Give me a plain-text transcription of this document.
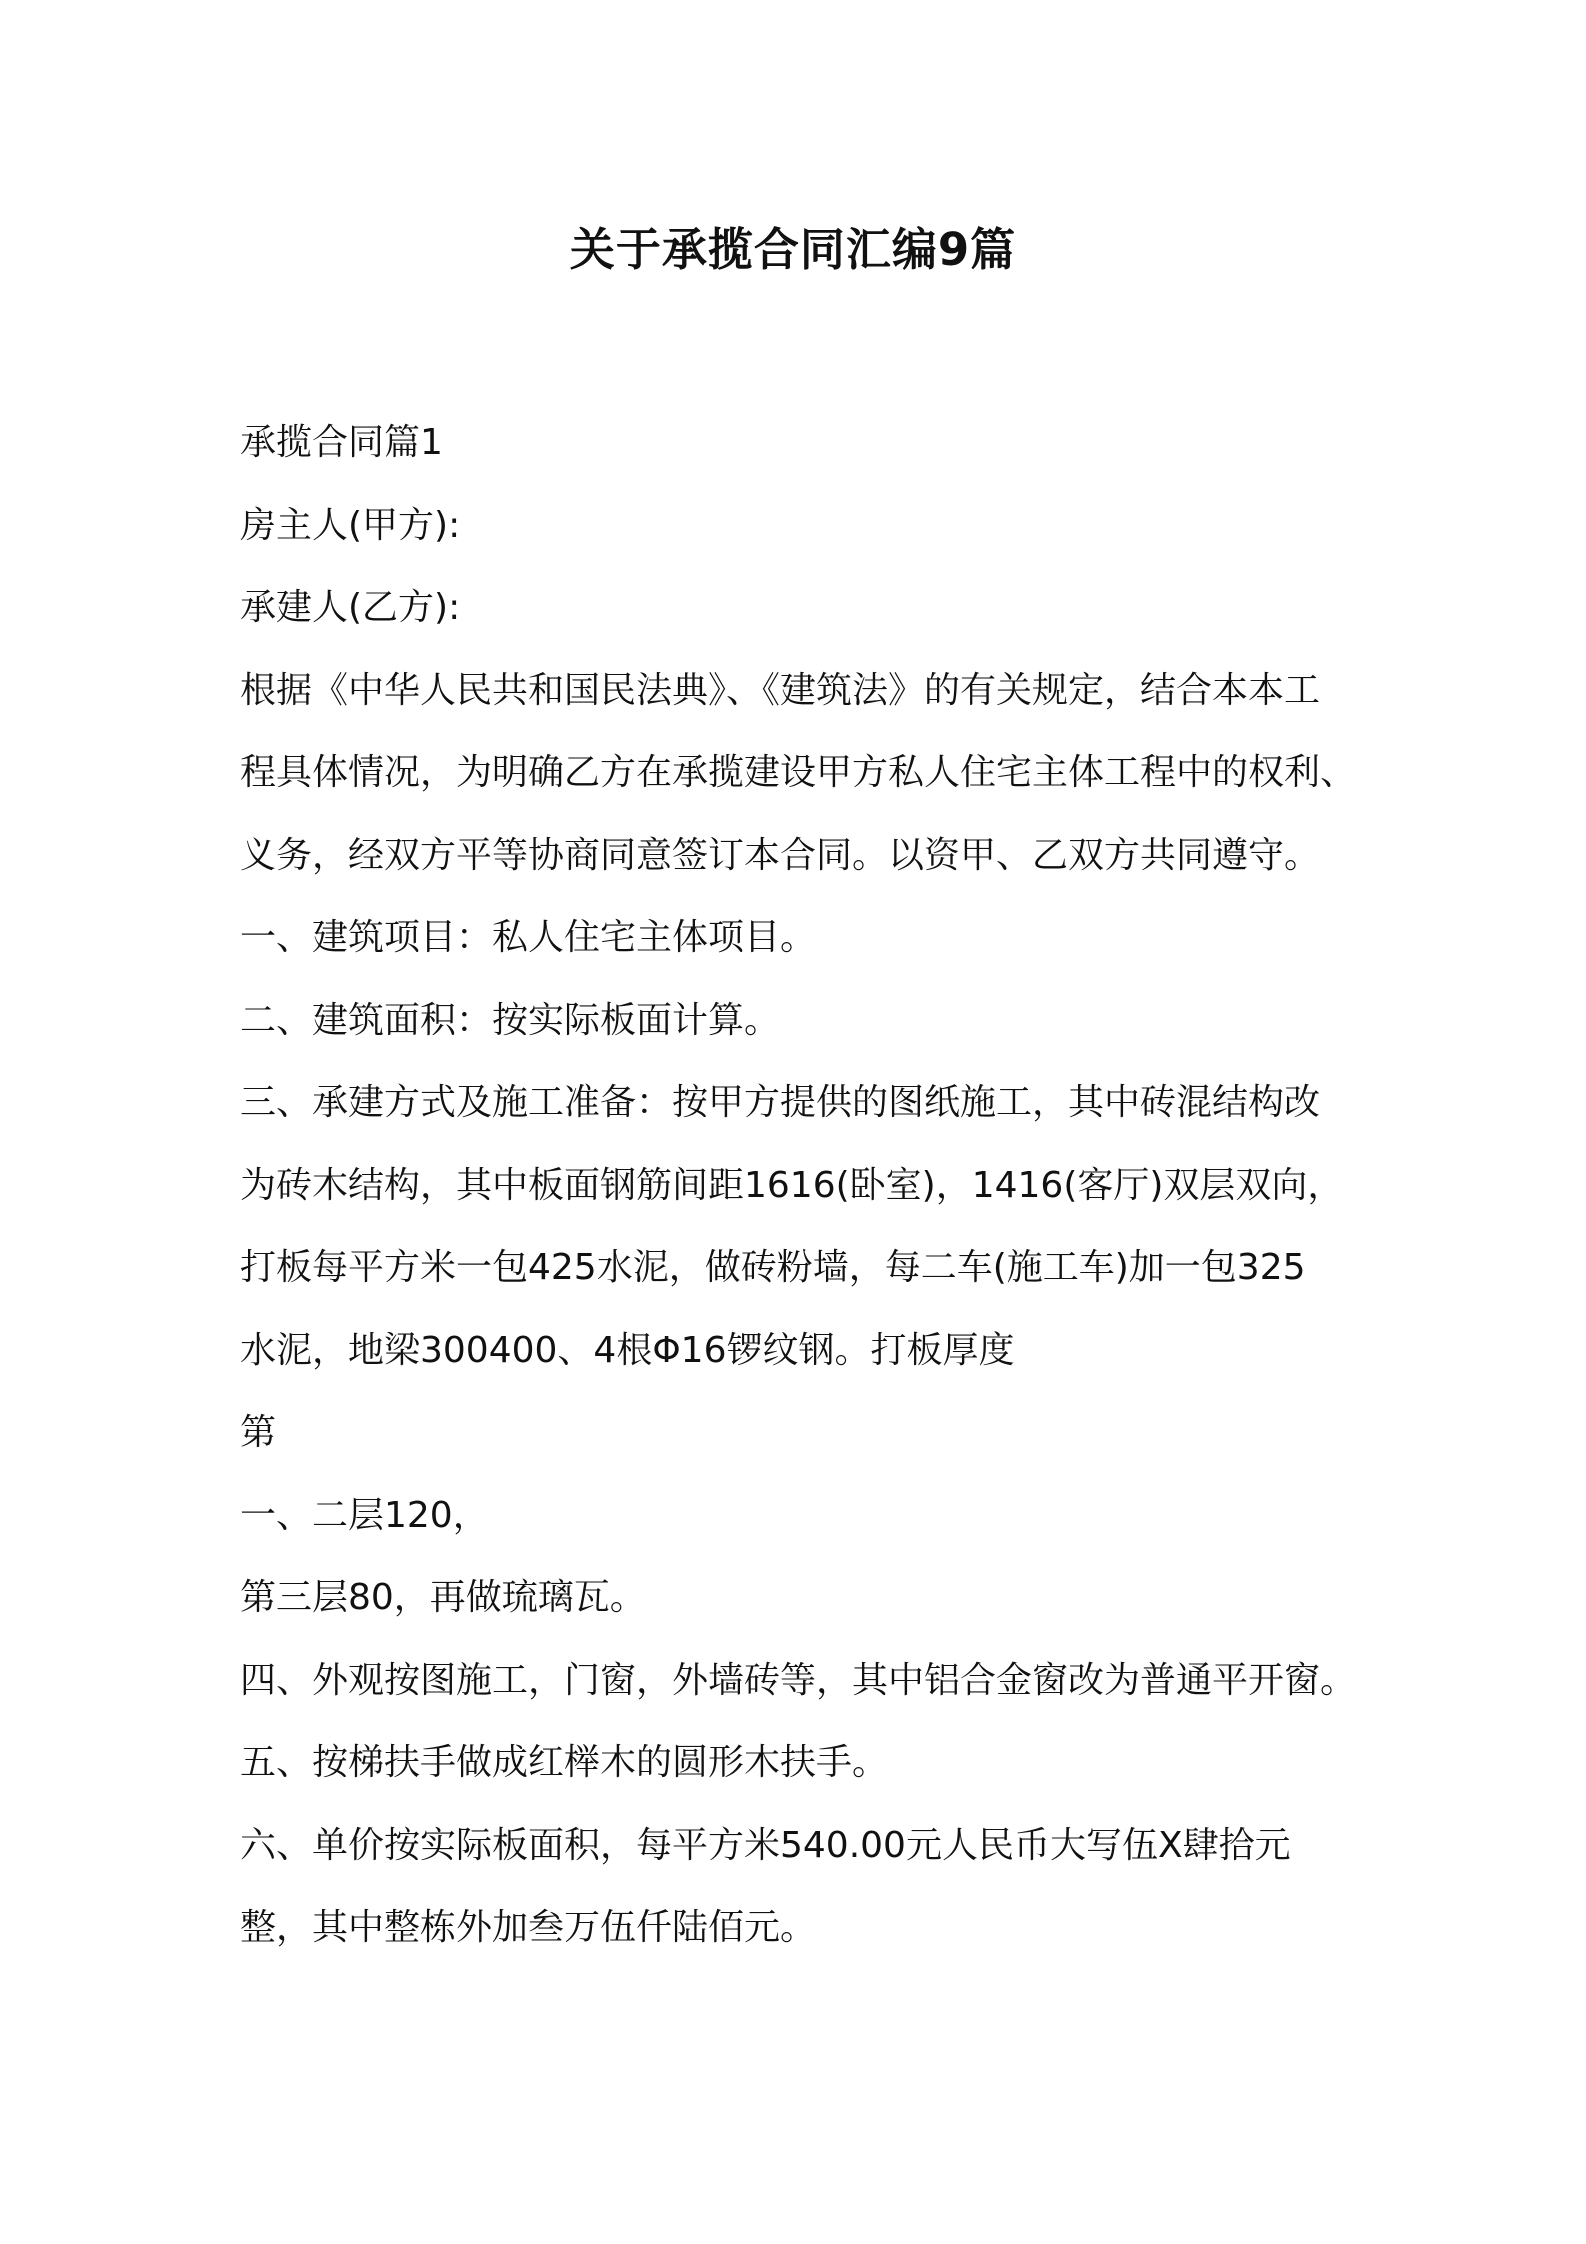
关于承揽合同汇编9篇
承揽合同篇1
房主人(甲方):
承建人(乙方):
根据《中华人民共和国民法典》、《建筑法》的有关规定，结合本本工
程具体情况，为明确乙方在承揽建设甲方私人住宅主体工程中的权利、
义务，经双方平等协商同意签订本合同。以资甲、乙双方共同遵守。
一、建筑项目：私人住宅主体项目。
二、建筑面积：按实际板面计算。
三、承建方式及施工准备：按甲方提供的图纸施工，其中砖混结构改
为砖木结构，其中板面钢筋间距1616(卧室)，1416(客厅)双层双向，
打板每平方米一包425水泥，做砖粉墙，每二车(施工车)加一包325
水泥，地梁300400、4根Φ16锣纹钢。打板厚度
第
一、二层120，
第三层80，再做琉璃瓦。
四、外观按图施工，门窗，外墙砖等，其中铝合金窗改为普通平开窗。
五、按梯扶手做成红榉木的圆形木扶手。
六、单价按实际板面积，每平方米540.00元人民币大写伍X肆拾元
整，其中整栋外加叁万伍仟陆佰元。
